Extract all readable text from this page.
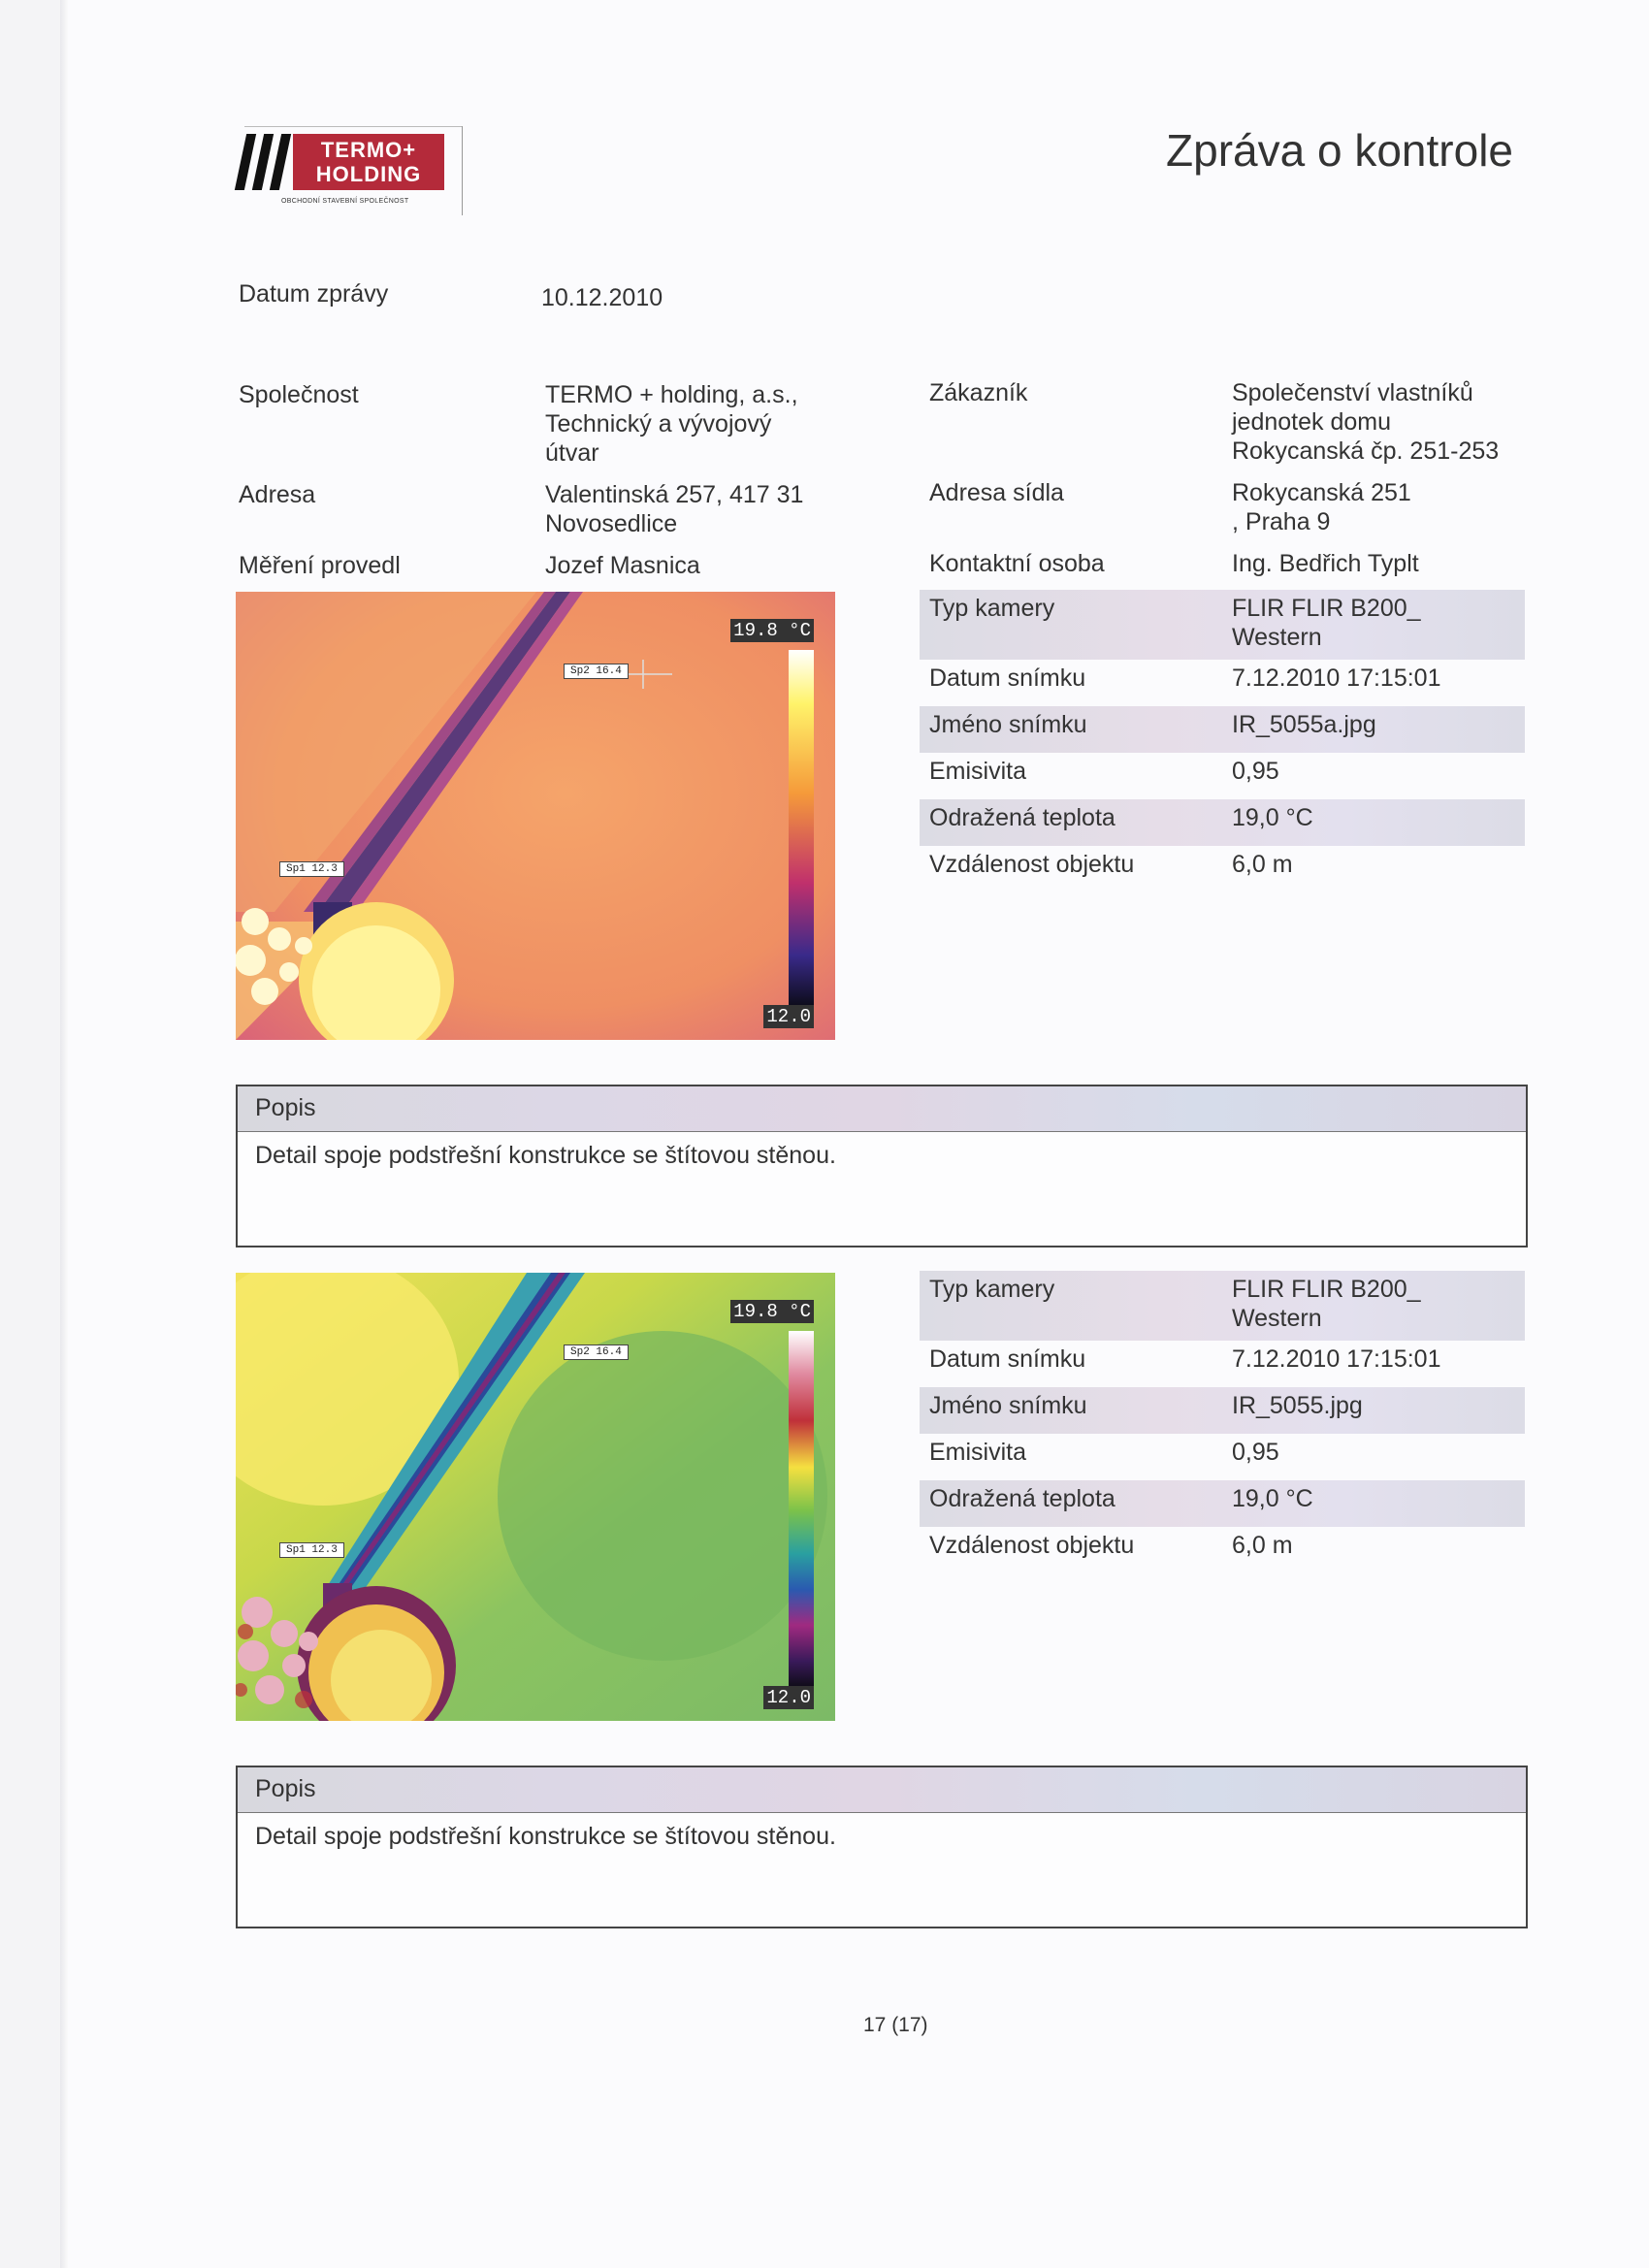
TERMO+
HOLDING
OBCHODNÍ STAVEBNÍ SPOLEČNOST
Zpráva o kontrole
Datum zprávy	10.12.2010
Společnost	TERMO + holding, a.s.,
Technický a vývojový
útvar
Adresa	Valentinská 257, 417 31
Novosedlice
Měření provedl	Jozef Masnica
Zákazník	Společenství vlastníků
jednotek domu
Rokycanská čp. 251-253
Adresa sídla	Rokycanská 251
, Praha 9
Kontaktní osoba	Ing. Bedřich Typlt
19.8 °C
12.0
Sp2 16.4
Sp1 12.3
Typ kamery	FLIR FLIR B200_
Western
Datum snímku	7.12.2010 17:15:01
Jméno snímku	IR_5055a.jpg
Emisivita	0,95
Odražená teplota	19,0 °C
Vzdálenost objektu	6,0 m
Popis
Detail spoje podstřešní konstrukce se štítovou stěnou.
19.8 °C
12.0
Sp2 16.4
Sp1 12.3
Typ kamery	FLIR FLIR B200_
Western
Datum snímku	7.12.2010 17:15:01
Jméno snímku	IR_5055.jpg
Emisivita	0,95
Odražená teplota	19,0 °C
Vzdálenost objektu	6,0 m
Popis
Detail spoje podstřešní konstrukce se štítovou stěnou.
17 (17)
